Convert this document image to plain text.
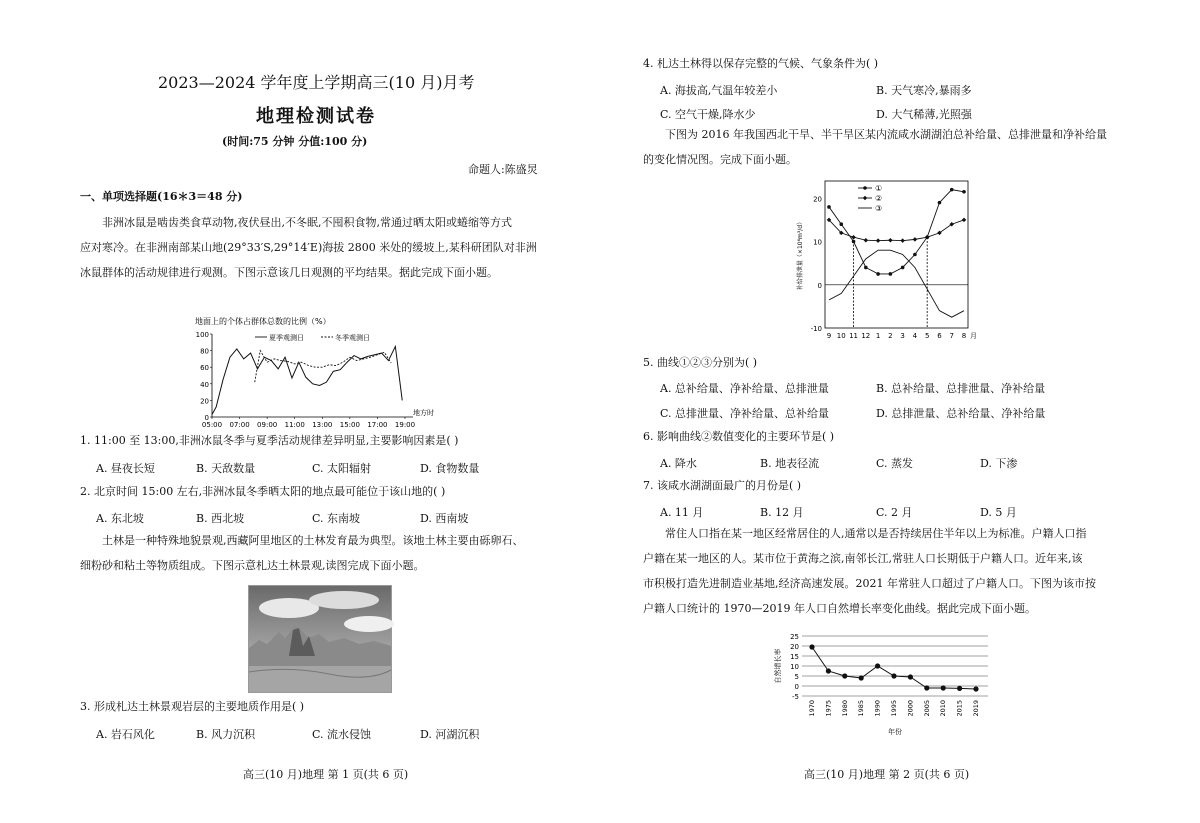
2023—2024 学年度上学期高三(10 月)月考
地理检测试卷
(时间:75 分钟 分值:100 分)
命题人:陈盛炅
一、单项选择题(16＊3＝48 分)
非洲冰鼠是啮齿类食草动物,夜伏昼出,不冬眠,不囤积食物,常通过晒太阳或蜷缩等方式
应对寒冷。在非洲南部某山地(29°33′S,29°14′E)海拔 2800 米处的缓坡上,某科研团队对非洲
冰鼠群体的活动规律进行观测。下图示意该几日观测的平均结果。据此完成下面小题。
地面上的个体占群体总数的比例（%）
0
20
40
60
80
100
05:00 07:00 09:00 11:00 13:00 15:00 17:00 19:00
地方时
夏季观测日	冬季观测日
1. 11:00 至 13:00,非洲冰鼠冬季与夏季活动规律差异明显,主要影响因素是( )
A. 昼夜长短	B. 天敌数量	C. 太阳辐射	D. 食物数量
2. 北京时间 15:00 左右,非洲冰鼠冬季晒太阳的地点最可能位于该山地的( )
A. 东北坡	B. 西北坡	C. 东南坡	D. 西南坡
土林是一种特殊地貌景观,西藏阿里地区的土林发育最为典型。该地土林主要由砾卵石、
细粉砂和粘土等物质组成。下图示意札达土林景观,读图完成下面小题。
3. 形成札达土林景观岩层的主要地质作用是( )
A. 岩石风化	B. 风力沉积	C. 流水侵蚀	D. 河湖沉积
高三(10 月)地理 第 1 页(共 6 页)
4. 札达土林得以保存完整的气候、气象条件为( )
A. 海拔高,气温年较差小	B. 天气寒冷,暴雨多
C. 空气干燥,降水少	D. 大气稀薄,光照强
下图为 2016 年我国西北干旱、半干旱区某内流咸水湖湖泊总补给量、总排泄量和净补给量
的变化情况图。完成下面小题。
-10
0
10
20
9 10 11 12 1 2 3 4 5 6 7 8 月
补给排泄量（×10⁶m³/d）
①
②
③
5. 曲线①②③分别为( )
A. 总补给量、净补给量、总排泄量	B. 总补给量、总排泄量、净补给量
C. 总排泄量、净补给量、总补给量	D. 总排泄量、总补给量、净补给量
6. 影响曲线②数值变化的主要环节是( )
A. 降水	B. 地表径流	C. 蒸发	D. 下渗
7. 该咸水湖湖面最广的月份是( )
A. 11 月	B. 12 月	C. 2 月	D. 5 月
常住人口指在某一地区经常居住的人,通常以是否持续居住半年以上为标准。户籍人口指
户籍在某一地区的人。某市位于黄海之滨,南邻长江,常驻人口长期低于户籍人口。近年来,该
市积极打造先进制造业基地,经济高速发展。2021 年常驻人口超过了户籍人口。下图为该市按
户籍人口统计的 1970—2019 年人口自然增长率变化曲线。据此完成下面小题。
-5
0
5
10
15
20
25
自然增长率
1970 1975 1980 1985 1990 1995 2000 2005 2010 2015 2019
年份
高三(10 月)地理 第 2 页(共 6 页)
